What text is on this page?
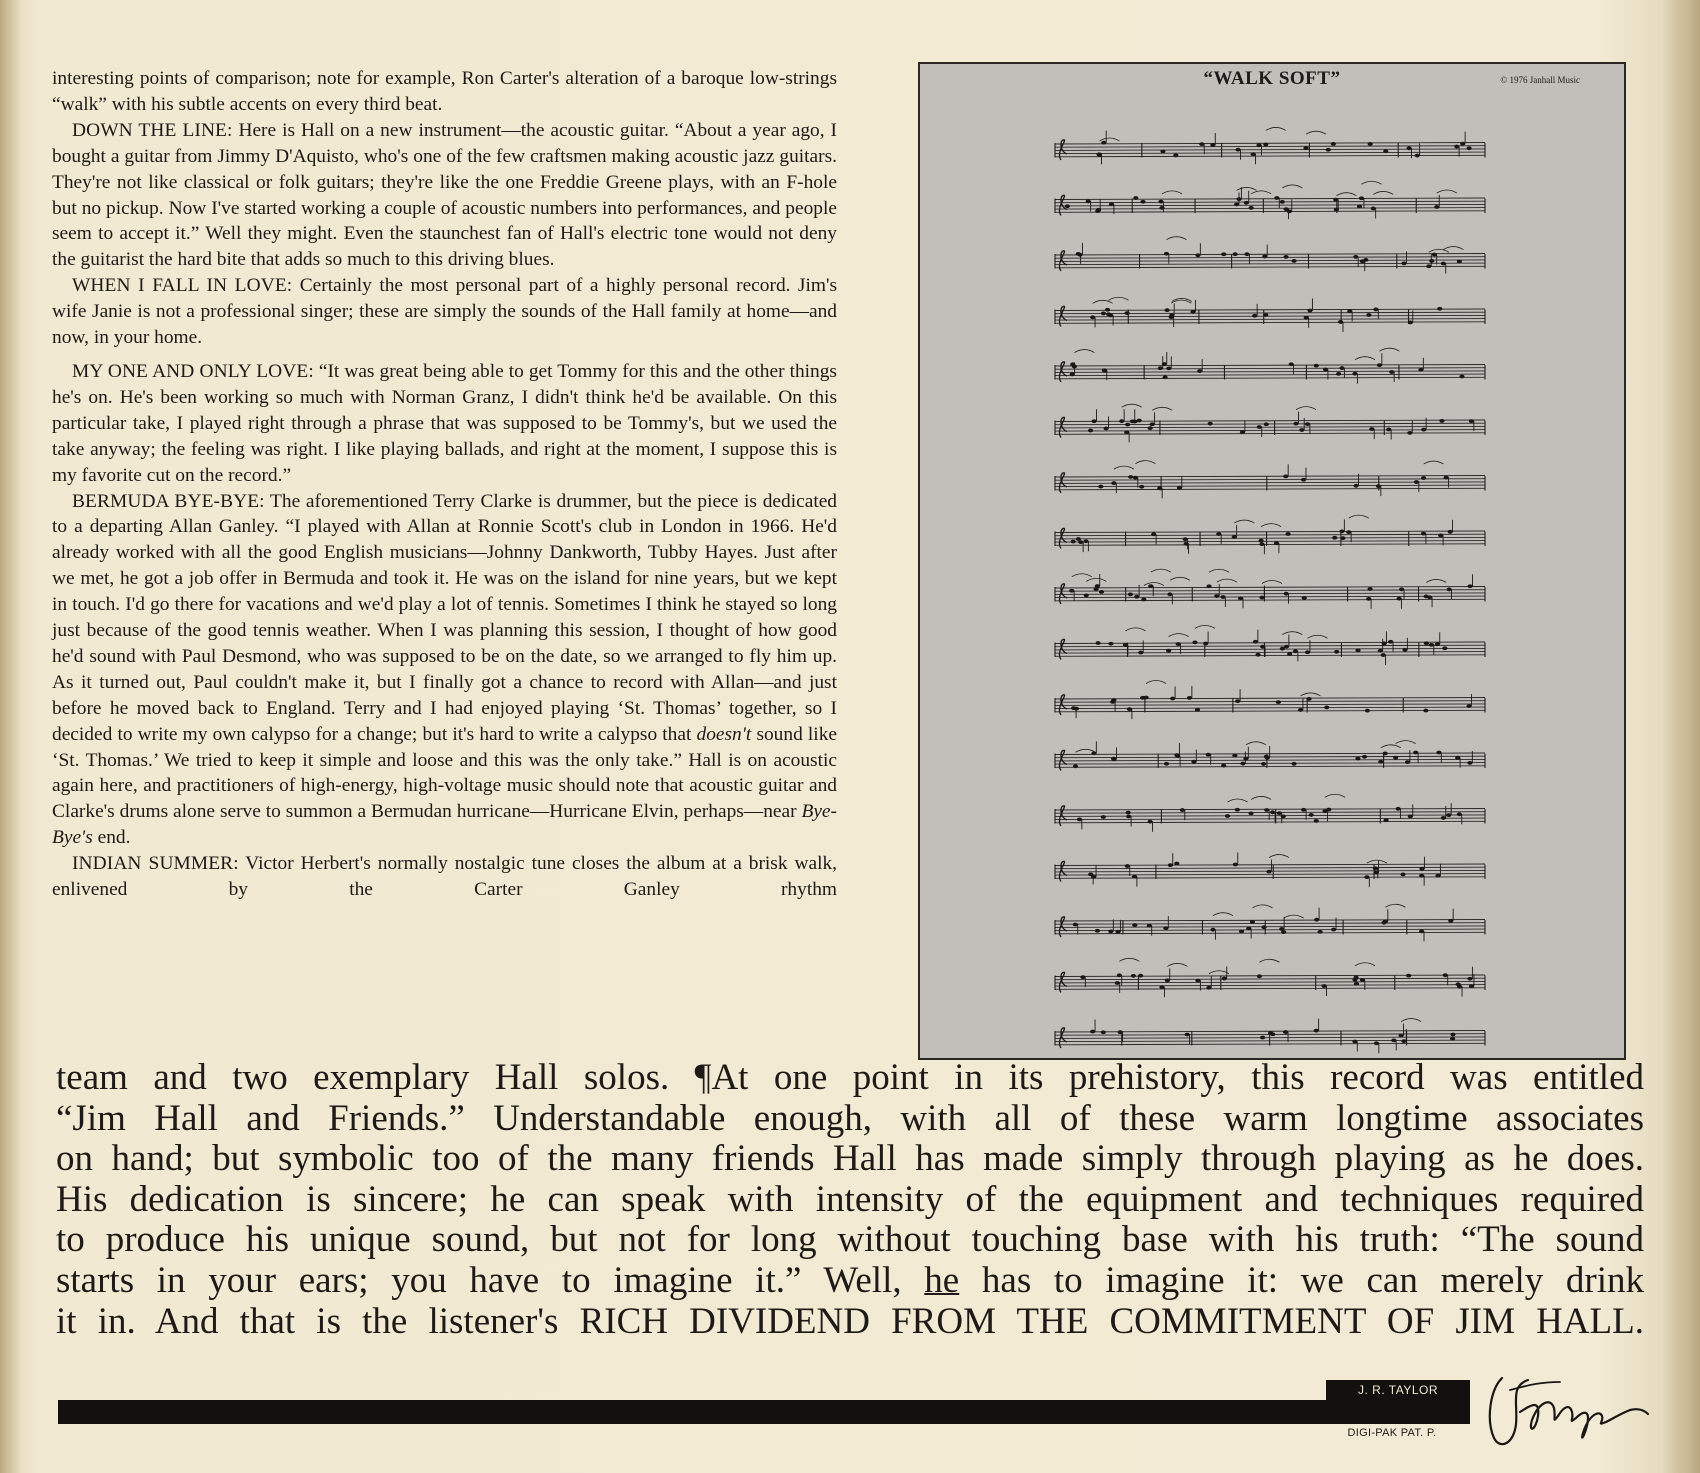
interesting points of comparison; note for example, Ron Carter's alteration of a baroque low-strings “walk” with his subtle accents on every third beat.

DOWN THE LINE: Here is Hall on a new instrument—the acoustic guitar. “About a year ago, I bought a guitar from Jimmy D'Aquisto, who's one of the few craftsmen making acoustic jazz guitars. They're not like classical or folk guitars; they're like the one Freddie Greene plays, with an F-hole but no pickup. Now I've started working a couple of acoustic numbers into performances, and people seem to accept it.” Well they might. Even the staunchest fan of Hall's electric tone would not deny the guitarist the hard bite that adds so much to this driving blues.

WHEN I FALL IN LOVE: Certainly the most personal part of a highly personal record. Jim's wife Janie is not a professional singer; these are simply the sounds of the Hall family at home—and now, in your home.

MY ONE AND ONLY LOVE: “It was great being able to get Tommy for this and the other things he's on. He's been working so much with Norman Granz, I didn't think he'd be available. On this particular take, I played right through a phrase that was supposed to be Tommy's, but we used the take anyway; the feeling was right. I like playing ballads, and right at the moment, I suppose this is my favorite cut on the record.”

BERMUDA BYE-BYE: The aforementioned Terry Clarke is drummer, but the piece is dedicated to a departing Allan Ganley. “I played with Allan at Ronnie Scott's club in London in 1966. He'd already worked with all the good English musicians—Johnny Dankworth, Tubby Hayes. Just after we met, he got a job offer in Bermuda and took it. He was on the island for nine years, but we kept in touch. I'd go there for vacations and we'd play a lot of tennis. Sometimes I think he stayed so long just because of the good tennis weather. When I was planning this session, I thought of how good he'd sound with Paul Desmond, who was supposed to be on the date, so we arranged to fly him up. As it turned out, Paul couldn't make it, but I finally got a chance to record with Allan—and just before he moved back to England. Terry and I had enjoyed playing ‘St. Thomas’ together, so I decided to write my own calypso for a change; but it's hard to write a calypso that doesn't sound like ‘St. Thomas.’ We tried to keep it simple and loose and this was the only take.” Hall is on acoustic again here, and practitioners of high-energy, high-voltage music should note that acoustic guitar and Clarke's drums alone serve to summon a Bermudan hurricane—Hurricane Elvin, perhaps—near Bye-Bye's end.

INDIAN SUMMER: Victor Herbert's normally nostalgic tune closes the album at a brisk walk, enlivened by the Carter Ganley rhythm

“WALK SOFT”	© 1976 Janhall Music

team and two exemplary Hall solos. ¶At one point in its prehistory, this record was entitled

“Jim Hall and Friends.” Understandable enough, with all of these warm longtime associates

on hand; but symbolic too of the many friends Hall has made simply through playing as he does.

His dedication is sincere; he can speak with intensity of the equipment and techniques required

to produce his unique sound, but not for long without touching base with his truth: “The sound

starts in your ears; you have to imagine it.” Well, he has to imagine it: we can merely drink

it in. And that is the listener's RICH DIVIDEND FROM THE COMMITMENT OF JIM HALL.

J. R. TAYLOR
DIGI-PAK PAT. P.
